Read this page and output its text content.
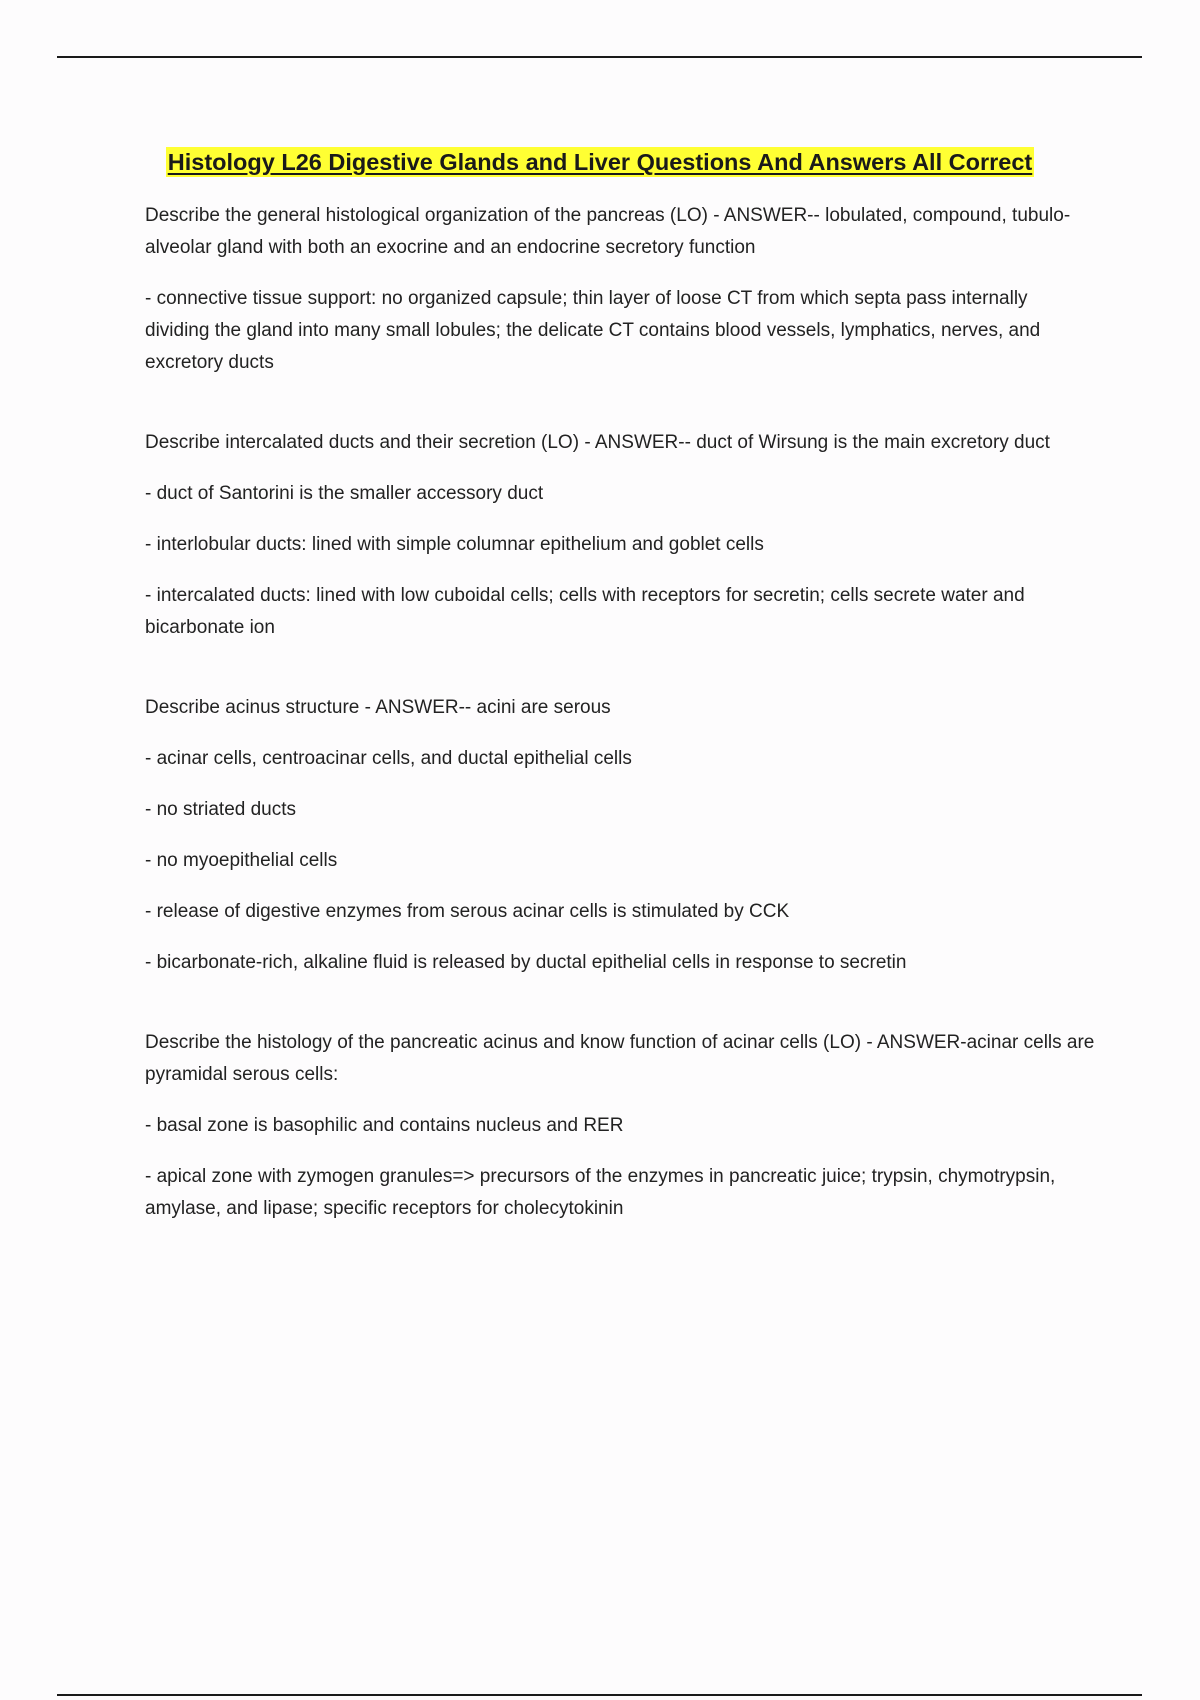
Histology L26 Digestive Glands and Liver Questions And Answers All Correct

Describe the general histological organization of the pancreas (LO) - ANSWER-- lobulated, compound, tubulo-alveolar gland with both an exocrine and an endocrine secretory function

- connective tissue support: no organized capsule; thin layer of loose CT from which septa pass internally dividing the gland into many small lobules; the delicate CT contains blood vessels, lymphatics, nerves, and excretory ducts

Describe intercalated ducts and their secretion (LO) - ANSWER-- duct of Wirsung is the main excretory duct

- duct of Santorini is the smaller accessory duct

- interlobular ducts: lined with simple columnar epithelium and goblet cells

- intercalated ducts: lined with low cuboidal cells; cells with receptors for secretin; cells secrete water and bicarbonate ion

Describe acinus structure - ANSWER-- acini are serous

- acinar cells, centroacinar cells, and ductal epithelial cells

- no striated ducts

- no myoepithelial cells

- release of digestive enzymes from serous acinar cells is stimulated by CCK

- bicarbonate-rich, alkaline fluid is released by ductal epithelial cells in response to secretin

Describe the histology of the pancreatic acinus and know function of acinar cells (LO) - ANSWER-acinar cells are pyramidal serous cells:

- basal zone is basophilic and contains nucleus and RER

- apical zone with zymogen granules=> precursors of the enzymes in pancreatic juice; trypsin, chymotrypsin, amylase, and lipase; specific receptors for cholecytokinin
